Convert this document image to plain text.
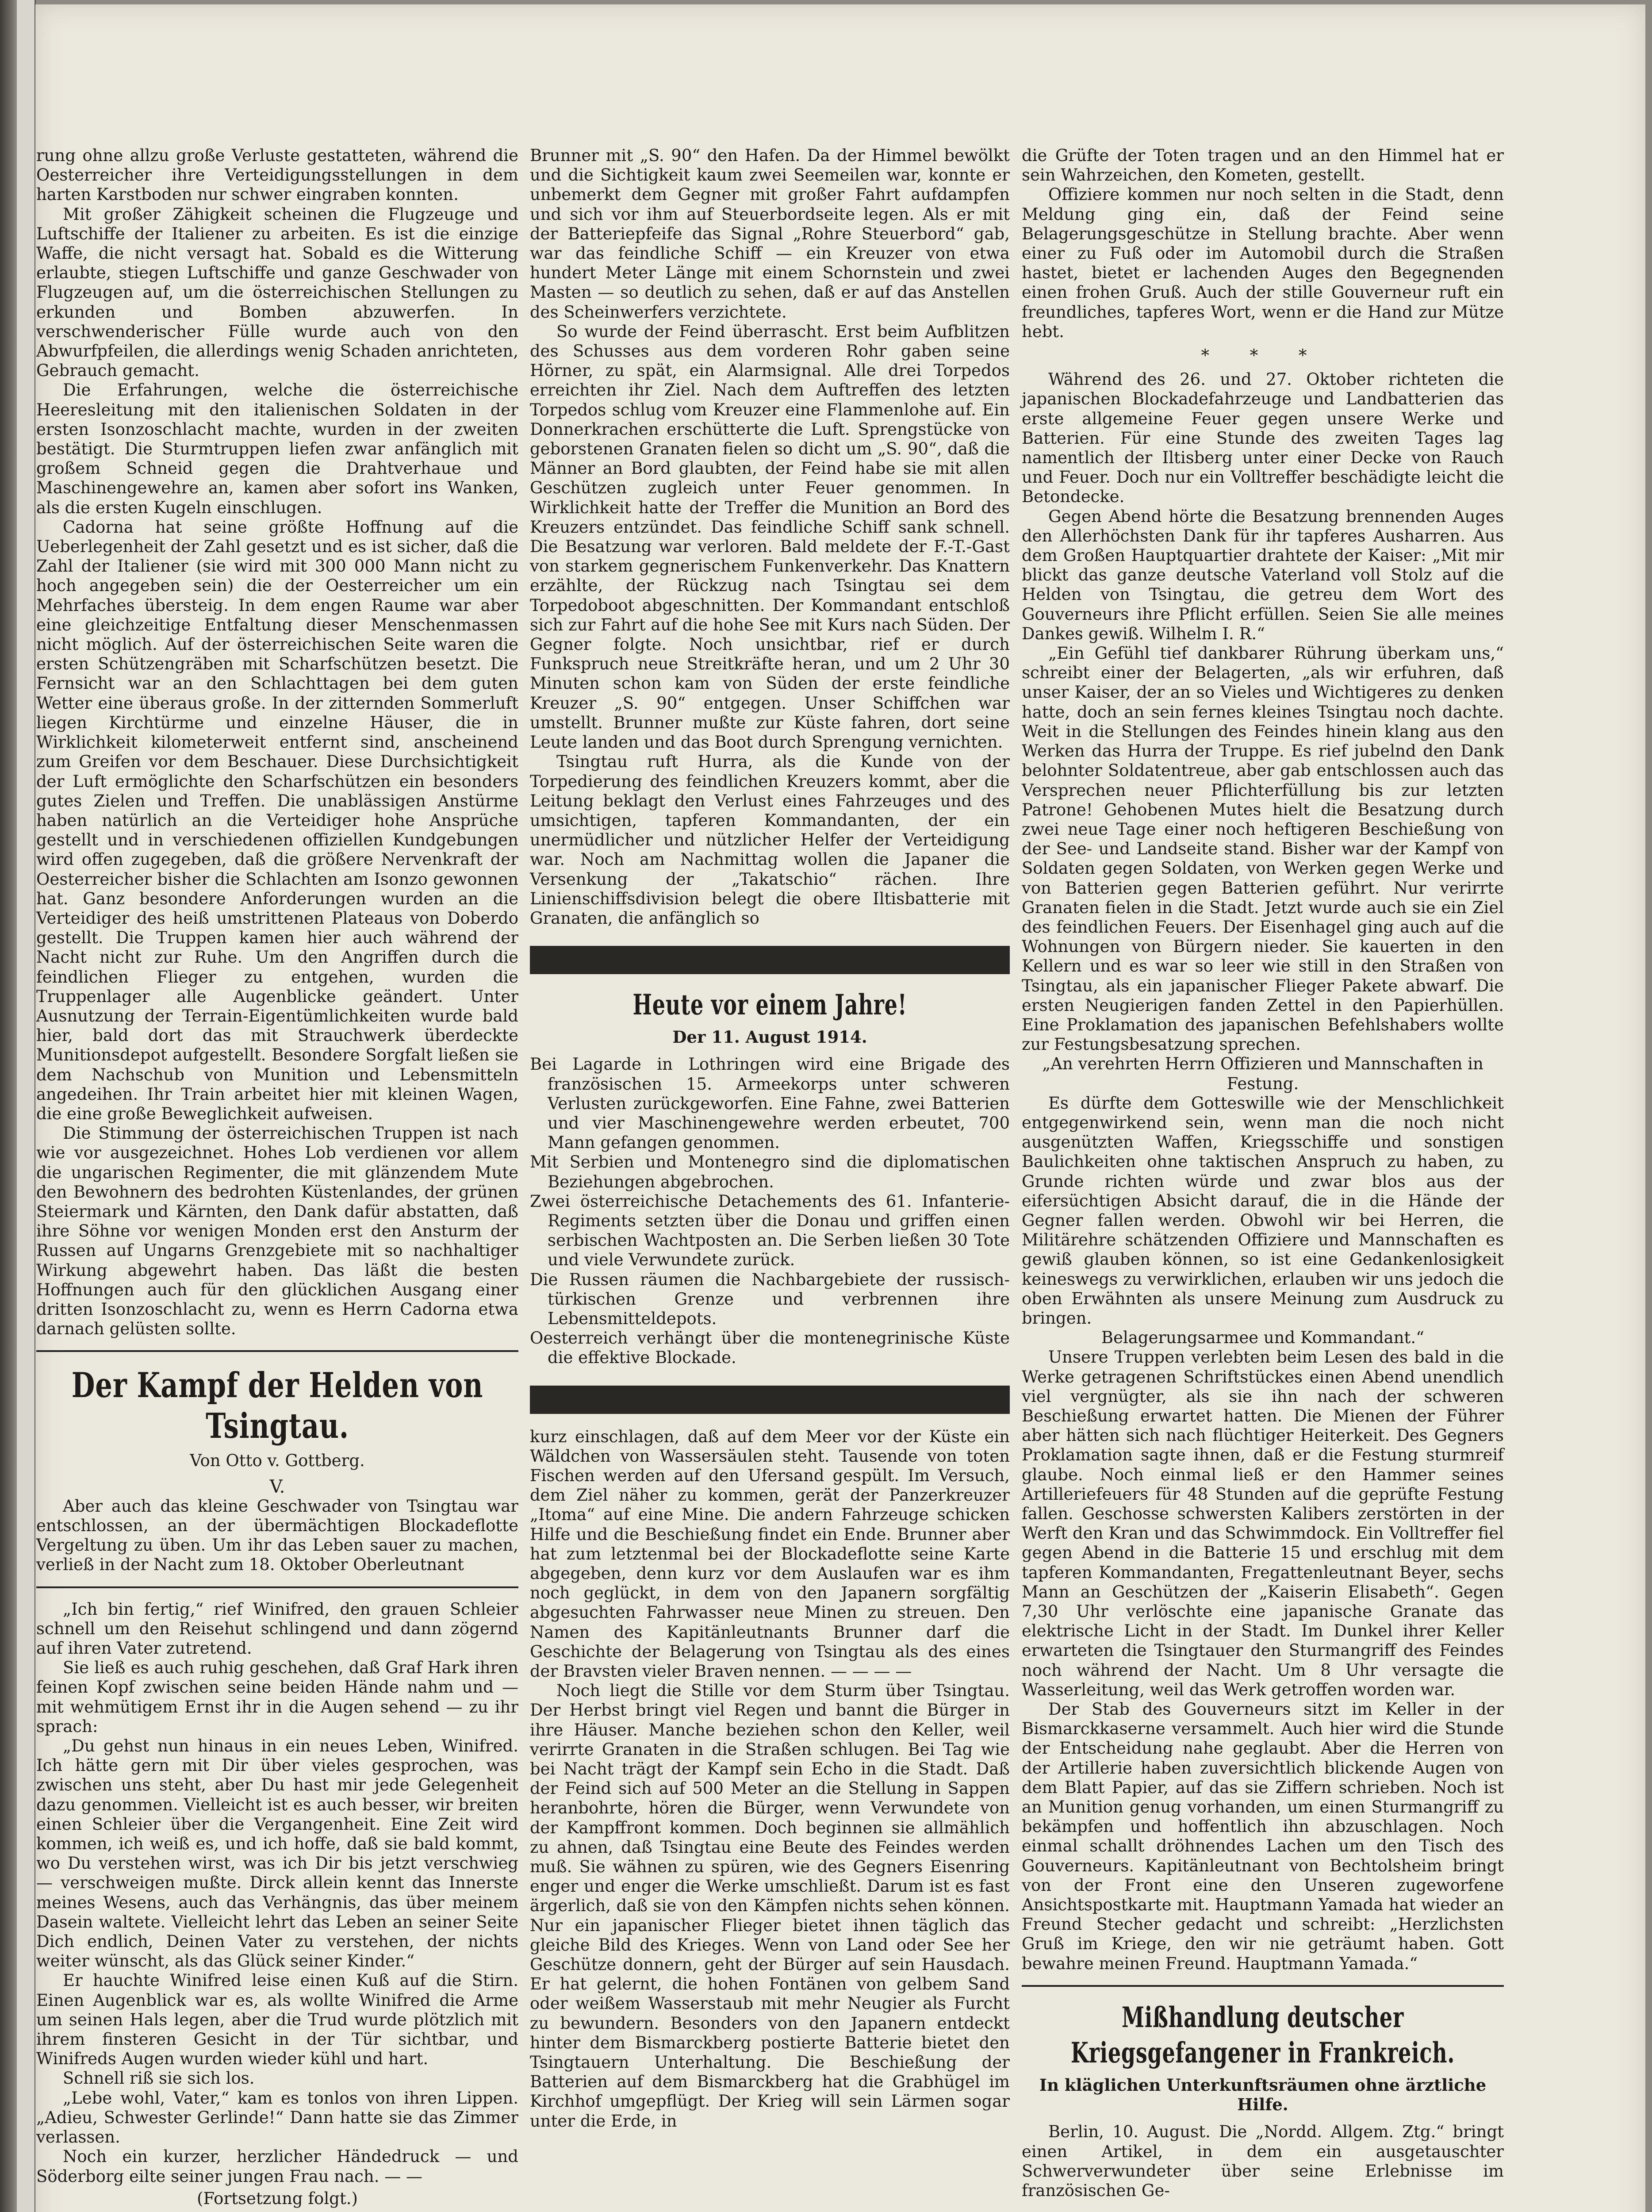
rung ohne allzu große Verluste gestatteten, während die Oesterreicher ihre Verteidigungsstellungen in dem harten Karstboden nur schwer eingraben konnten.

Mit großer Zähigkeit scheinen die Flugzeuge und Luftschiffe der Italiener zu arbeiten. Es ist die einzige Waffe, die nicht versagt hat. Sobald es die Witterung erlaubte, stiegen Luftschiffe und ganze Geschwader von Flugzeugen auf, um die österreichischen Stellungen zu erkunden und Bomben abzuwerfen. In verschwenderischer Fülle wurde auch von den Abwurfpfeilen, die allerdings wenig Schaden anrichteten, Gebrauch gemacht.

Die Erfahrungen, welche die österreichische Heeresleitung mit den italienischen Soldaten in der ersten Isonzoschlacht machte, wurden in der zweiten bestätigt. Die Sturmtruppen liefen zwar anfänglich mit großem Schneid gegen die Drahtverhaue und Maschinengewehre an, kamen aber sofort ins Wanken, als die ersten Kugeln einschlugen.

Cadorna hat seine größte Hoffnung auf die Ueberlegenheit der Zahl gesetzt und es ist sicher, daß die Zahl der Italiener (sie wird mit 300 000 Mann nicht zu hoch angegeben sein) die der Oesterreicher um ein Mehrfaches übersteig. In dem engen Raume war aber eine gleichzeitige Entfaltung dieser Menschenmassen nicht möglich. Auf der österreichischen Seite waren die ersten Schützengräben mit Scharfschützen besetzt. Die Fernsicht war an den Schlachttagen bei dem guten Wetter eine überaus große. In der zitternden Sommerluft liegen Kirchtürme und einzelne Häuser, die in Wirklichkeit kilometerweit entfernt sind, anscheinend zum Greifen vor dem Beschauer. Diese Durchsichtigkeit der Luft ermöglichte den Scharfschützen ein besonders gutes Zielen und Treffen. Die unablässigen Anstürme haben natürlich an die Verteidiger hohe Ansprüche gestellt und in verschiedenen offiziellen Kundgebungen wird offen zugegeben, daß die größere Nervenkraft der Oesterreicher bisher die Schlachten am Isonzo gewonnen hat. Ganz besondere Anforderungen wurden an die Verteidiger des heiß umstrittenen Plateaus von Doberdo gestellt. Die Truppen kamen hier auch während der Nacht nicht zur Ruhe. Um den Angriffen durch die feindlichen Flieger zu entgehen, wurden die Truppenlager alle Augenblicke geändert. Unter Ausnutzung der Terrain-Eigentümlichkeiten wurde bald hier, bald dort das mit Strauchwerk überdeckte Munitionsdepot aufgestellt. Besondere Sorgfalt ließen sie dem Nachschub von Munition und Lebensmitteln angedeihen. Ihr Train arbeitet hier mit kleinen Wagen, die eine große Beweglichkeit aufweisen.

Die Stimmung der österreichischen Truppen ist nach wie vor ausgezeichnet. Hohes Lob verdienen vor allem die ungarischen Regimenter, die mit glänzendem Mute den Bewohnern des bedrohten Küstenlandes, der grünen Steiermark und Kärnten, den Dank dafür abstatten, daß ihre Söhne vor wenigen Monden erst den Ansturm der Russen auf Ungarns Grenzgebiete mit so nachhaltiger Wirkung abgewehrt haben. Das läßt die besten Hoffnungen auch für den glücklichen Ausgang einer dritten Isonzoschlacht zu, wenn es Herrn Cadorna etwa darnach gelüsten sollte.

Der Kampf der Helden von Tsingtau.

Von Otto v. Gottberg.

V.

Aber auch das kleine Geschwader von Tsingtau war entschlossen, an der übermächtigen Blockadeflotte Vergeltung zu üben. Um ihr das Leben sauer zu machen, verließ in der Nacht zum 18. Oktober Oberleutnant

„Ich bin fertig,“ rief Winifred, den grauen Schleier schnell um den Reisehut schlingend und dann zögernd auf ihren Vater zutretend.

Sie ließ es auch ruhig geschehen, daß Graf Hark ihren feinen Kopf zwischen seine beiden Hände nahm und — mit wehmütigem Ernst ihr in die Augen sehend — zu ihr sprach:

„Du gehst nun hinaus in ein neues Leben, Winifred. Ich hätte gern mit Dir über vieles gesprochen, was zwischen uns steht, aber Du hast mir jede Gelegenheit dazu genommen. Vielleicht ist es auch besser, wir breiten einen Schleier über die Vergangenheit. Eine Zeit wird kommen, ich weiß es, und ich hoffe, daß sie bald kommt, wo Du verstehen wirst, was ich Dir bis jetzt verschwieg — verschweigen mußte. Dirck allein kennt das Innerste meines Wesens, auch das Verhängnis, das über meinem Dasein waltete. Vielleicht lehrt das Leben an seiner Seite Dich endlich, Deinen Vater zu verstehen, der nichts weiter wünscht, als das Glück seiner Kinder.“

Er hauchte Winifred leise einen Kuß auf die Stirn. Einen Augenblick war es, als wollte Winifred die Arme um seinen Hals legen, aber die Trud wurde plötzlich mit ihrem finsteren Gesicht in der Tür sichtbar, und Winifreds Augen wurden wieder kühl und hart.

Schnell riß sie sich los.

„Lebe wohl, Vater,“ kam es tonlos von ihren Lippen. „Adieu, Schwester Gerlinde!“ Dann hatte sie das Zimmer verlassen.

Noch ein kurzer, herzlicher Händedruck — und Söderborg eilte seiner jungen Frau nach. — —

(Fortsetzung folgt.)

Brunner mit „S. 90“ den Hafen. Da der Himmel bewölkt und die Sichtigkeit kaum zwei Seemeilen war, konnte er unbemerkt dem Gegner mit großer Fahrt aufdampfen und sich vor ihm auf Steuerbordseite legen. Als er mit der Batteriepfeife das Signal „Rohre Steuerbord“ gab, war das feindliche Schiff — ein Kreuzer von etwa hundert Meter Länge mit einem Schornstein und zwei Masten — so deutlich zu sehen, daß er auf das Anstellen des Scheinwerfers verzichtete.

So wurde der Feind überrascht. Erst beim Aufblitzen des Schusses aus dem vorderen Rohr gaben seine Hörner, zu spät, ein Alarmsignal. Alle drei Torpedos erreichten ihr Ziel. Nach dem Auftreffen des letzten Torpedos schlug vom Kreuzer eine Flammenlohe auf. Ein Donnerkrachen erschütterte die Luft. Sprengstücke von geborstenen Granaten fielen so dicht um „S. 90“, daß die Männer an Bord glaubten, der Feind habe sie mit allen Geschützen zugleich unter Feuer genommen. In Wirklichkeit hatte der Treffer die Munition an Bord des Kreuzers entzündet. Das feindliche Schiff sank schnell. Die Besatzung war verloren. Bald meldete der F.-T.-Gast von starkem gegnerischem Funkenverkehr. Das Knattern erzählte, der Rückzug nach Tsingtau sei dem Torpedoboot abgeschnitten. Der Kommandant entschloß sich zur Fahrt auf die hohe See mit Kurs nach Süden. Der Gegner folgte. Noch unsichtbar, rief er durch Funkspruch neue Streitkräfte heran, und um 2 Uhr 30 Minuten schon kam von Süden der erste feindliche Kreuzer „S. 90“ entgegen. Unser Schiffchen war umstellt. Brunner mußte zur Küste fahren, dort seine Leute landen und das Boot durch Sprengung vernichten.

Tsingtau ruft Hurra, als die Kunde von der Torpedierung des feindlichen Kreuzers kommt, aber die Leitung beklagt den Verlust eines Fahrzeuges und des umsichtigen, tapferen Kommandanten, der ein unermüdlicher und nützlicher Helfer der Verteidigung war. Noch am Nachmittag wollen die Japaner die Versenkung der „Takatschio“ rächen. Ihre Linienschiffsdivision belegt die obere Iltisbatterie mit Granaten, die anfänglich so

Heute vor einem Jahre!

Der 11. August 1914.

Bei Lagarde in Lothringen wird eine Brigade des französischen 15. Armeekorps unter schweren Verlusten zurückgeworfen. Eine Fahne, zwei Batterien und vier Maschinengewehre werden erbeutet, 700 Mann gefangen genommen.

Mit Serbien und Montenegro sind die diplomatischen Beziehungen abgebrochen.

Zwei österreichische Detachements des 61. Infanterie-Regiments setzten über die Donau und griffen einen serbischen Wachtposten an. Die Serben ließen 30 Tote und viele Verwundete zurück.

Die Russen räumen die Nachbargebiete der russisch-türkischen Grenze und verbrennen ihre Lebensmitteldepots.

Oesterreich verhängt über die montenegrinische Küste die effektive Blockade.

kurz einschlagen, daß auf dem Meer vor der Küste ein Wäldchen von Wassersäulen steht. Tausende von toten Fischen werden auf den Ufersand gespült. Im Versuch, dem Ziel näher zu kommen, gerät der Panzerkreuzer „Itoma“ auf eine Mine. Die andern Fahrzeuge schicken Hilfe und die Beschießung findet ein Ende. Brunner aber hat zum letztenmal bei der Blockadeflotte seine Karte abgegeben, denn kurz vor dem Auslaufen war es ihm noch geglückt, in dem von den Japanern sorgfältig abgesuchten Fahrwasser neue Minen zu streuen. Den Namen des Kapitänleutnants Brunner darf die Geschichte der Belagerung von Tsingtau als des eines der Bravsten vieler Braven nennen. — — — —

Noch liegt die Stille vor dem Sturm über Tsingtau. Der Herbst bringt viel Regen und bannt die Bürger in ihre Häuser. Manche beziehen schon den Keller, weil verirrte Granaten in die Straßen schlugen. Bei Tag wie bei Nacht trägt der Kampf sein Echo in die Stadt. Daß der Feind sich auf 500 Meter an die Stellung in Sappen heranbohrte, hören die Bürger, wenn Verwundete von der Kampffront kommen. Doch beginnen sie allmählich zu ahnen, daß Tsingtau eine Beute des Feindes werden muß. Sie wähnen zu spüren, wie des Gegners Eisenring enger und enger die Werke umschließt. Darum ist es fast ärgerlich, daß sie von den Kämpfen nichts sehen können. Nur ein japanischer Flieger bietet ihnen täglich das gleiche Bild des Krieges. Wenn von Land oder See her Geschütze donnern, geht der Bürger auf sein Hausdach. Er hat gelernt, die hohen Fontänen von gelbem Sand oder weißem Wasserstaub mit mehr Neugier als Furcht zu bewundern. Besonders von den Japanern entdeckt hinter dem Bismarckberg postierte Batterie bietet den Tsingtauern Unterhaltung. Die Beschießung der Batterien auf dem Bismarckberg hat die Grabhügel im Kirchhof umgepflügt. Der Krieg will sein Lärmen sogar unter die Erde, in

die Grüfte der Toten tragen und an den Himmel hat er sein Wahrzeichen, den Kometen, gestellt.

Offiziere kommen nur noch selten in die Stadt, denn Meldung ging ein, daß der Feind seine Belagerungsgeschütze in Stellung brachte. Aber wenn einer zu Fuß oder im Automobil durch die Straßen hastet, bietet er lachenden Auges den Begegnenden einen frohen Gruß. Auch der stille Gouverneur ruft ein freundliches, tapferes Wort, wenn er die Hand zur Mütze hebt.

* * *

Während des 26. und 27. Oktober richteten die japanischen Blockadefahrzeuge und Landbatterien das erste allgemeine Feuer gegen unsere Werke und Batterien. Für eine Stunde des zweiten Tages lag namentlich der Iltisberg unter einer Decke von Rauch und Feuer. Doch nur ein Volltreffer beschädigte leicht die Betondecke.

Gegen Abend hörte die Besatzung brennenden Auges den Allerhöchsten Dank für ihr tapferes Ausharren. Aus dem Großen Hauptquartier drahtete der Kaiser: „Mit mir blickt das ganze deutsche Vaterland voll Stolz auf die Helden von Tsingtau, die getreu dem Wort des Gouverneurs ihre Pflicht erfüllen. Seien Sie alle meines Dankes gewiß. Wilhelm I. R.“

„Ein Gefühl tief dankbarer Rührung überkam uns,“ schreibt einer der Belagerten, „als wir erfuhren, daß unser Kaiser, der an so Vieles und Wichtigeres zu denken hatte, doch an sein fernes kleines Tsingtau noch dachte. Weit in die Stellungen des Feindes hinein klang aus den Werken das Hurra der Truppe. Es rief jubelnd den Dank belohnter Soldatentreue, aber gab entschlossen auch das Versprechen neuer Pflichterfüllung bis zur letzten Patrone! Gehobenen Mutes hielt die Besatzung durch zwei neue Tage einer noch heftigeren Beschießung von der See- und Landseite stand. Bisher war der Kampf von Soldaten gegen Soldaten, von Werken gegen Werke und von Batterien gegen Batterien geführt. Nur verirrte Granaten fielen in die Stadt. Jetzt wurde auch sie ein Ziel des feindlichen Feuers. Der Eisenhagel ging auch auf die Wohnungen von Bürgern nieder. Sie kauerten in den Kellern und es war so leer wie still in den Straßen von Tsingtau, als ein japanischer Flieger Pakete abwarf. Die ersten Neugierigen fanden Zettel in den Papierhüllen. Eine Proklamation des japanischen Befehlshabers wollte zur Festungsbesatzung sprechen.

„An verehrten Herrn Offizieren und Mannschaften in Festung.

Es dürfte dem Gotteswille wie der Menschlichkeit entgegenwirkend sein, wenn man die noch nicht ausgenützten Waffen, Kriegsschiffe und sonstigen Baulichkeiten ohne taktischen Anspruch zu haben, zu Grunde richten würde und zwar blos aus der eifersüchtigen Absicht darauf, die in die Hände der Gegner fallen werden. Obwohl wir bei Herren, die Militärehre schätzenden Offiziere und Mannschaften es gewiß glauben können, so ist eine Gedankenlosigkeit keineswegs zu verwirklichen, erlauben wir uns jedoch die oben Erwähnten als unsere Meinung zum Ausdruck zu bringen.

Belagerungsarmee und Kommandant.“

Unsere Truppen verlebten beim Lesen des bald in die Werke getragenen Schriftstückes einen Abend unendlich viel vergnügter, als sie ihn nach der schweren Beschießung erwartet hatten. Die Mienen der Führer aber hätten sich nach flüchtiger Heiterkeit. Des Gegners Proklamation sagte ihnen, daß er die Festung sturmreif glaube. Noch einmal ließ er den Hammer seines Artilleriefeuers für 48 Stunden auf die geprüfte Festung fallen. Geschosse schwersten Kalibers zerstörten in der Werft den Kran und das Schwimmdock. Ein Volltreffer fiel gegen Abend in die Batterie 15 und erschlug mit dem tapferen Kommandanten, Fregattenleutnant Beyer, sechs Mann an Geschützen der „Kaiserin Elisabeth“. Gegen 7,30 Uhr verlöschte eine japanische Granate das elektrische Licht in der Stadt. Im Dunkel ihrer Keller erwarteten die Tsingtauer den Sturmangriff des Feindes noch während der Nacht. Um 8 Uhr versagte die Wasserleitung, weil das Werk getroffen worden war.

Der Stab des Gouverneurs sitzt im Keller in der Bismarckkaserne versammelt. Auch hier wird die Stunde der Entscheidung nahe geglaubt. Aber die Herren von der Artillerie haben zuversichtlich blickende Augen von dem Blatt Papier, auf das sie Ziffern schrieben. Noch ist an Munition genug vorhanden, um einen Sturmangriff zu bekämpfen und hoffentlich ihn abzuschlagen. Noch einmal schallt dröhnendes Lachen um den Tisch des Gouverneurs. Kapitänleutnant von Bechtolsheim bringt von der Front eine den Unseren zugeworfene Ansichtspostkarte mit. Hauptmann Yamada hat wieder an Freund Stecher gedacht und schreibt: „Herzlichsten Gruß im Kriege, den wir nie geträumt haben. Gott bewahre meinen Freund. Hauptmann Yamada.“

Mißhandlung deutscher Kriegsgefangener in Frankreich.

In kläglichen Unterkunftsräumen ohne ärztliche Hilfe.

Berlin, 10. August. Die „Nordd. Allgem. Ztg.“ bringt einen Artikel, in dem ein ausgetauschter Schwerverwundeter über seine Erlebnisse im französischen Ge-
